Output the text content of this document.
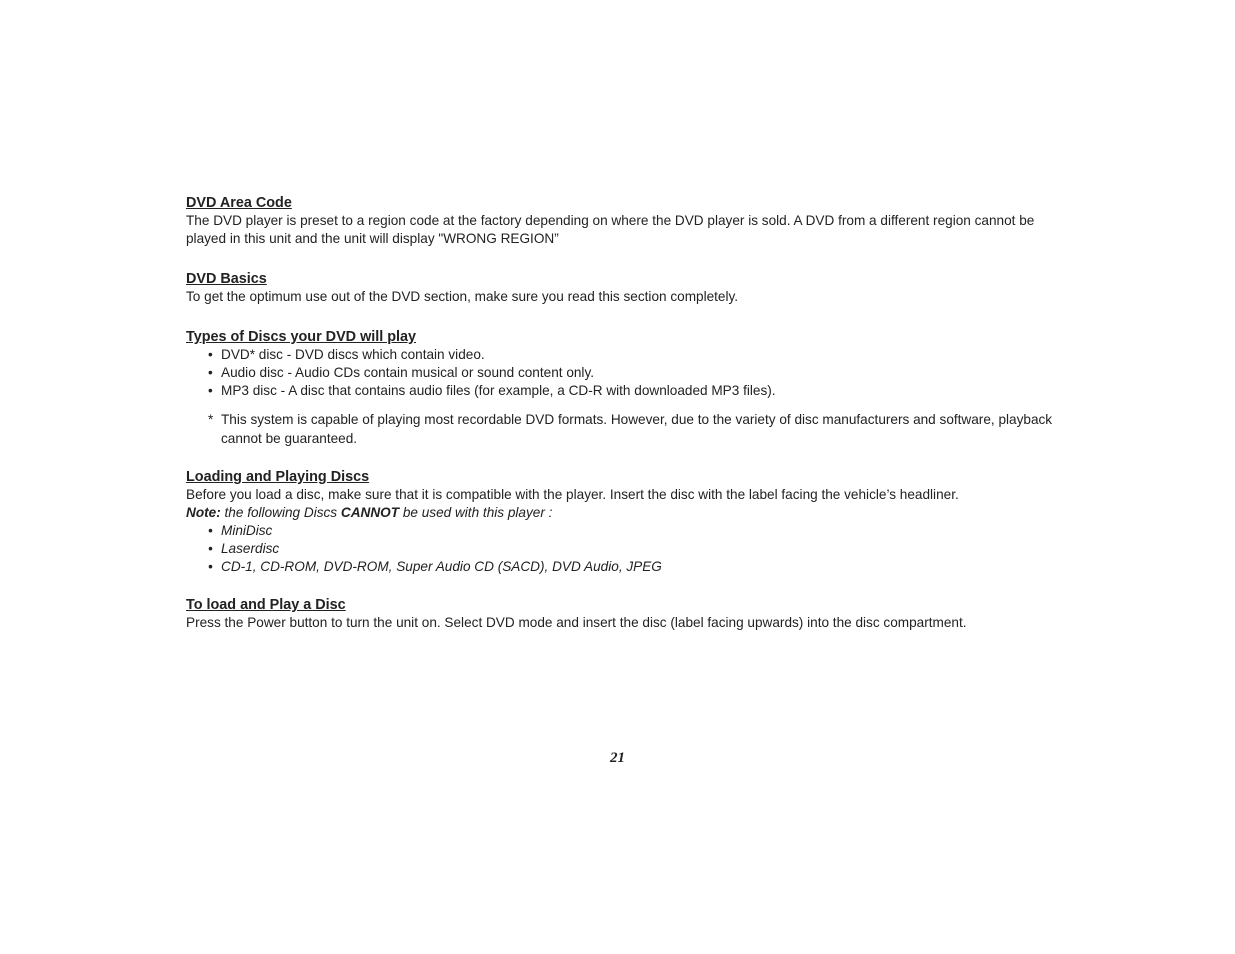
DVD Area Code

The DVD player is preset to a region code at the factory depending on where the DVD player is sold. A DVD from a different region cannot be played in this unit and the unit will display "WRONG REGION”

DVD Basics

To get the optimum use out of the DVD section, make sure you read this section completely.

Types of Discs your DVD will play

• DVD* disc - DVD discs which contain video.
• Audio disc - Audio CDs contain musical or sound content only.
• MP3 disc - A disc that contains audio files (for example, a CD-R with downloaded MP3 files).

* This system is capable of playing most recordable DVD formats. However, due to the variety of disc manufacturers and software, playback cannot be guaranteed.

Loading and Playing Discs

Before you load a disc, make sure that it is compatible with the player. Insert the disc with the label facing the vehicle’s headliner.

Note: the following Discs CANNOT be used with this player :

• MiniDisc
• Laserdisc
• CD-1, CD-ROM, DVD-ROM, Super Audio CD (SACD), DVD Audio, JPEG

To load and Play a Disc

Press the Power button to turn the unit on. Select DVD mode and insert the disc (label facing upwards) into the disc compartment.

21
